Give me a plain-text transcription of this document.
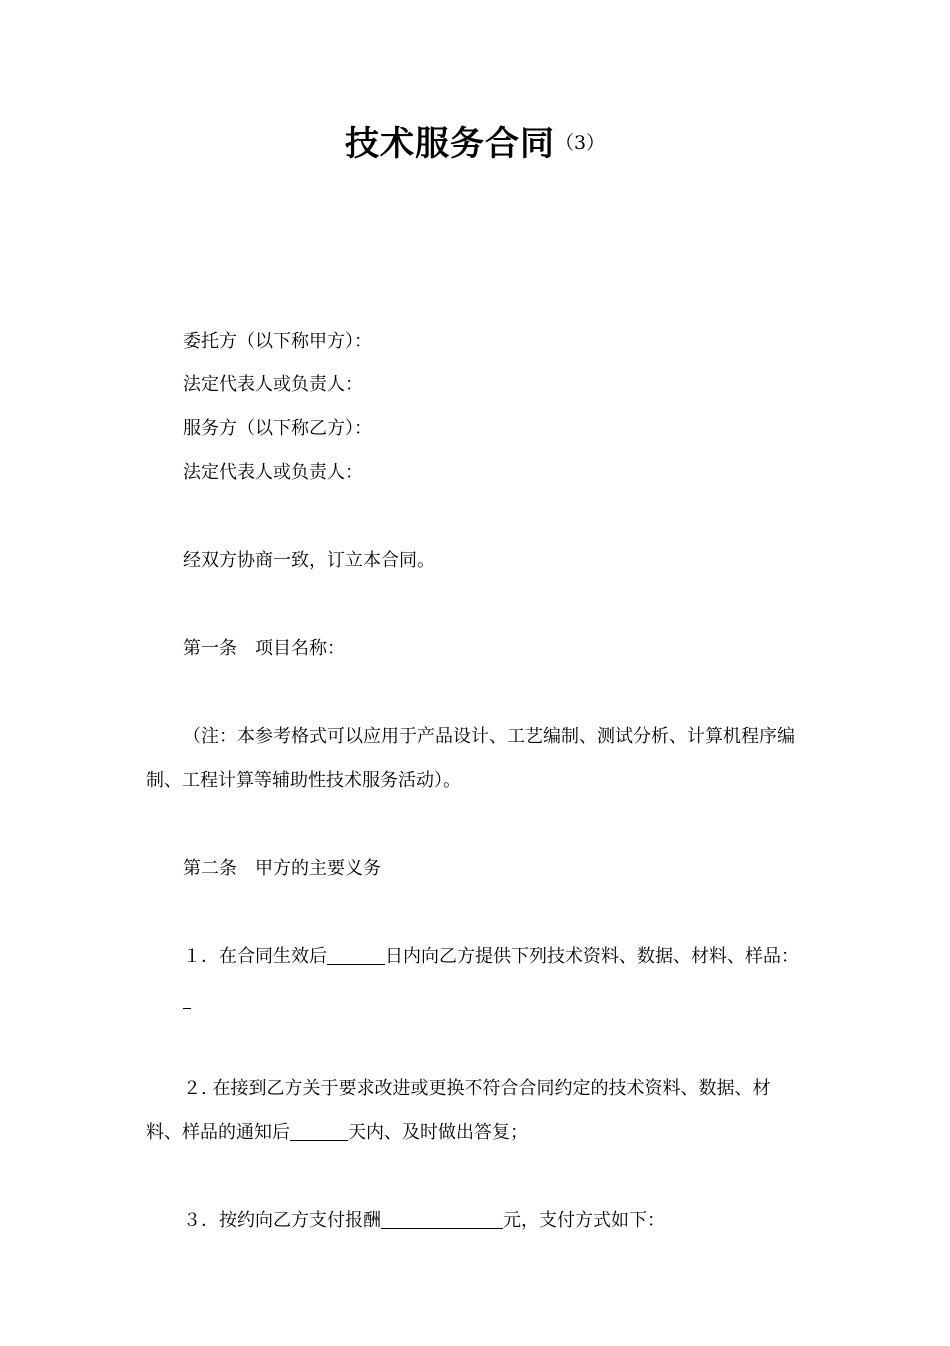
技术服务合同（3）
委托方（以下称甲方）：
法定代表人或负责人：
服务方（以下称乙方）：
法定代表人或负责人：
经双方协商一致，订立本合同。
第一条　项目名称：
（注：本参考格式可以应用于产品设计、工艺编制、测试分析、计算机程序编
制、工程计算等辅助性技术服务活动）。
第二条　甲方的主要义务
１．在合同生效后	日内向乙方提供下列技术资料、数据、材料、样品：
２. 在接到乙方关于要求改进或更换不符合合同约定的技术资料、数据、材
料、样品的通知后	天内、及时做出答复；
３．按约向乙方支付报酬	元，支付方式如下：
